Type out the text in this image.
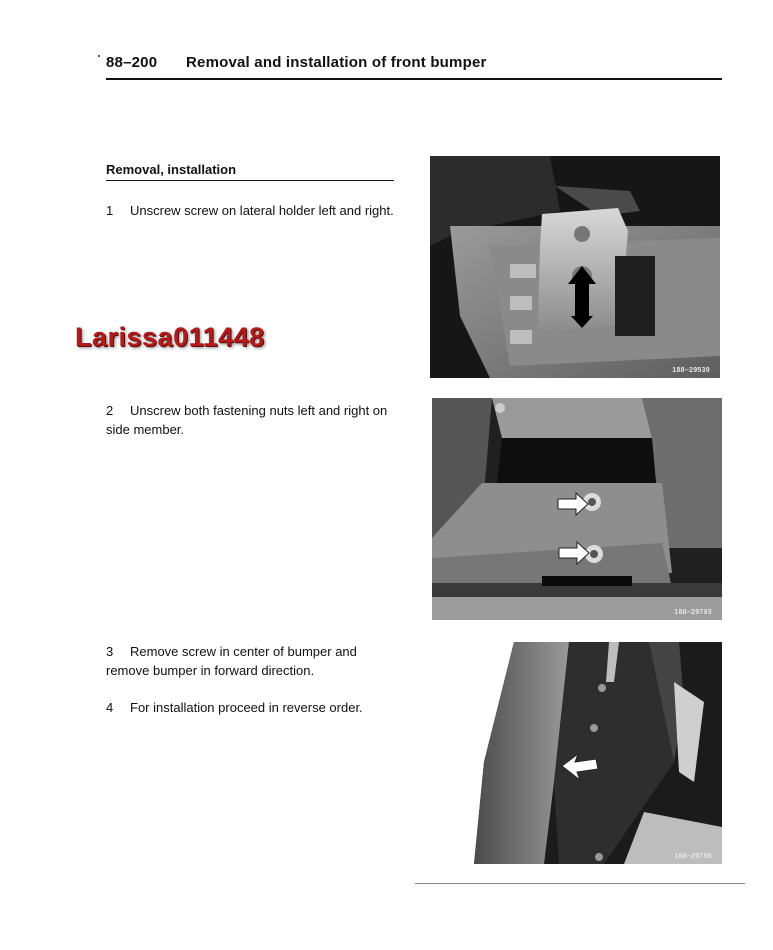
88–200 Removal and installation of front bumper
Removal, installation
1 Unscrew screw on lateral holder left and right.
Larissa011448
2 Unscrew both fastening nuts left and right on side member.
3 Remove screw in center of bumper and remove bumper in forward direction.
4 For installation proceed in reverse order.
188–29539
188–29793
188–29795
